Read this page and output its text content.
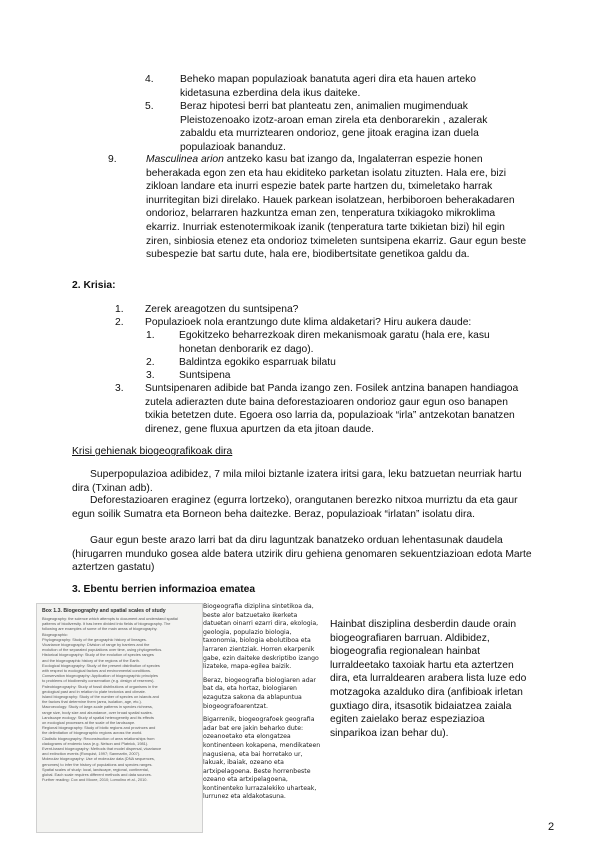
4.	Beheko mapan populazioak banatuta ageri dira eta hauen arteko kidetasuna ezberdina dela ikus daiteke.
5.	Beraz hipotesi berri bat planteatu zen, animalien mugimenduak Pleistozenoako izotz-aroan eman zirela eta denborarekin , azalerak zabaldu eta murriztearen ondorioz, gene jitoak eragina izan duela populazioak bananduz.
9.	Masculinea arion antzeko kasu bat izango da, Ingalaterran espezie honen beherakada egon zen eta hau ekiditeko parketan isolatu zituzten. Hala ere, bizi zikloan landare eta inurri espezie batek parte hartzen du, tximeletako harrak inurritegitan bizi direlako. Hauek parkean isolatzean, herbiboroen beherakadaren ondorioz, belarraren hazkuntza eman zen, tenperatura txikiagoko mikroklima ekarriz. Inurriak estenotermikoak izanik (tenperatura tarte txikietan bizi) hil egin ziren, sinbiosia etenez eta ondorioz tximeleten suntsipena ekarriz. Gaur egun beste subespezie bat sartu dute, hala ere, biodibertsitate genetikoa galdu da.

2. Krisia:
1. Zerek areagotzen du suntsipena?
2. Populazioek nola erantzungo dute klima aldaketari? Hiru aukera daude:
1. Egokitzeko beharrezkoak diren mekanismoak garatu (hala ere, kasu honetan denborarik ez dago).
2. Baldintza egokiko esparruak bilatu
3. Suntsipena
3. Suntsipenaren adibide bat Panda izango zen. Fosilek antzina banapen handiagoa zutela adierazten dute baina deforestazioaren ondorioz gaur egun oso banapen txikia betetzen dute. Egoera oso larria da, populazioak “irla” antzekotan banatzen direnez, gene fluxua apurtzen da eta jitoan daude.
Krisi gehienak biogeografikoak dira

Superpopulazioa adibidez, 7 mila miloi biztanle izatera iritsi gara, leku batzuetan neurriak hartu dira (Txinan adb).

Deforestazioaren eraginez (egurra lortzeko), orangutanen berezko nitxoa murriztu da eta gaur egun soilik Sumatra eta Borneon beha daitezke. Beraz, populazioak “irlatan” isolatu dira.

Gaur egun beste arazo larri bat da diru laguntzak banatzeko orduan lehentasunak daudela (hirugarren munduko gosea alde batera utzirik diru gehiena genomaren sekuentziazioan edota Marte aztertzen gastatu)

3. Ebentu berrien informazioa ematea
Box 1.3. Biogeography and spatial scales of study
Biogeography: the science which attempts to document and understand spatial
patterns of biodiversity. It has been divided into fields of biogeography. The
following are examples of some of the main areas of biogeography.
Biogeographic:
Phylogeography: Study of the geographic history of lineages.
Vicariance biogeography: Division of range by barriers and the
evolution of the separated populations over time, using phylogenetics.
Historical biogeography: Study of the evolution of species ranges
and the biogeographic history of the regions of the Earth.
Ecological biogeography: Study of the present distribution of species
with respect to ecological factors and environmental conditions.
Conservation biogeography: Application of biogeographic principles
to problems of biodiversity conservation (e.g. design of reserves).
Paleobiogeography: Study of fossil distributions of organisms in the
geological past and in relation to plate tectonics and climate.
Island biogeography: Study of the number of species on islands and
the factors that determine them (area, isolation, age, etc.).
Macroecology: Study of large-scale patterns in species richness,
range size, body size and abundance, over broad spatial scales.
Landscape ecology: Study of spatial heterogeneity and its effects
on ecological processes at the scale of the landscape.
Regional biogeography: Study of biotic regions and provinces and
the delimitation of biogeographic regions across the world.
Cladistic biogeography: Reconstruction of area relationships from
cladograms of endemic taxa (e.g. Nelson and Platnick, 1981).
Event-based biogeography: Methods that model dispersal, vicariance
and extinction events (Ronquist, 1997; Sanmartin, 2007).
Molecular biogeography: Use of molecular data (DNA sequences,
genomes) to infer the history of populations and species ranges.
Spatial scales of study: local, landscape, regional, continental,
global. Each scale requires different methods and data sources.
Further reading: Cox and Moore, 2010; Lomolino et al., 2010.

Biogeografia diziplina sintetikoa da, beste alor batzuetako ikerketa datuetan oinarri ezarri dira, ekologia, geologia, populazio biologia, taxonomia, biologia ebolutiboa eta larraren zientziak. Horren ekarpenik gabe, ezin daiteke deskriptibo izango lizateke, mapa-egilea baizik.

Beraz, biogeografia biologiaren adar bat da, eta hortaz, biologiaren ezagutza sakona da ablapuntua biogeografoarentzat.

Bigarrenik, biogeografoek geografia adar bat ere jakin beharko dute: ozeanoetako eta elongatzea kontinenteen kokapena, mendikateen nagusiena, eta bai horretako ur, lakuak, ibaiak, ozeano eta artxipelagoena. Beste horrenbeste ozeano eta artxipelagoena, kontinenteko lurrazalekiko uharteak, lurrunez eta aldakotasuna.

Hainbat disziplina desberdin daude orain biogeografiaren barruan. Aldibidez, biogeografia regionalean hainbat lurraldeetako taxoiak hartu eta aztertzen dira, eta lurraldearen arabera lista luze edo motzagoka azalduko dira (anfibioak irletan guxtiago dira, itsasotik bidaiatzea zaiala egiten zaielako beraz espeziazioa sinparikoa izan behar du).

2
